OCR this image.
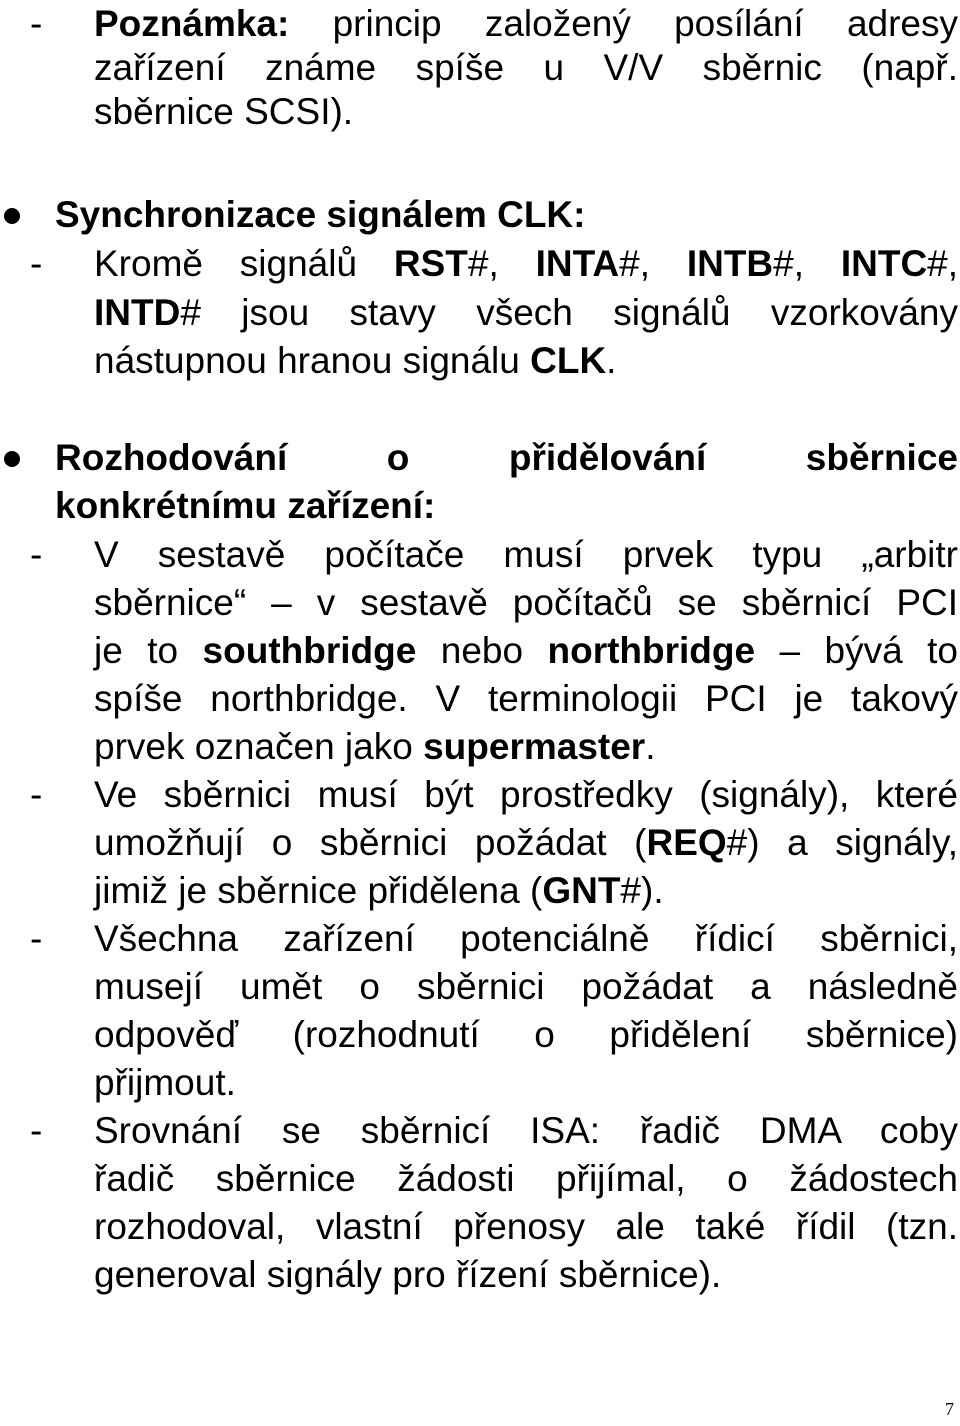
- Poznámka: princip založený posílání adresy
zařízení známe spíše u V/V sběrnic (např.
sběrnice SCSI).
Synchronizace signálem CLK:
- Kromě signálů RST#, INTA#, INTB#, INTC#,
INTD# jsou stavy všech signálů vzorkovány
nástupnou hranou signálu CLK.
Rozhodování o přidělování sběrnice
konkrétnímu zařízení:
- V sestavě počítače musí prvek typu „arbitr
sběrnice“ – v sestavě počítačů se sběrnicí PCI
je to southbridge nebo northbridge – bývá to
spíše northbridge. V terminologii PCI je takový
prvek označen jako supermaster.
- Ve sběrnici musí být prostředky (signály), které
umožňují o sběrnici požádat (REQ#) a signály,
jimiž je sběrnice přidělena (GNT#).
- Všechna zařízení potenciálně řídicí sběrnici,
musejí umět o sběrnici požádat a následně
odpověď (rozhodnutí o přidělení sběrnice)
přijmout.
- Srovnání se sběrnicí ISA: řadič DMA coby
řadič sběrnice žádosti přijímal, o žádostech
rozhodoval, vlastní přenosy ale také řídil (tzn.
generoval signály pro řízení sběrnice).
7
